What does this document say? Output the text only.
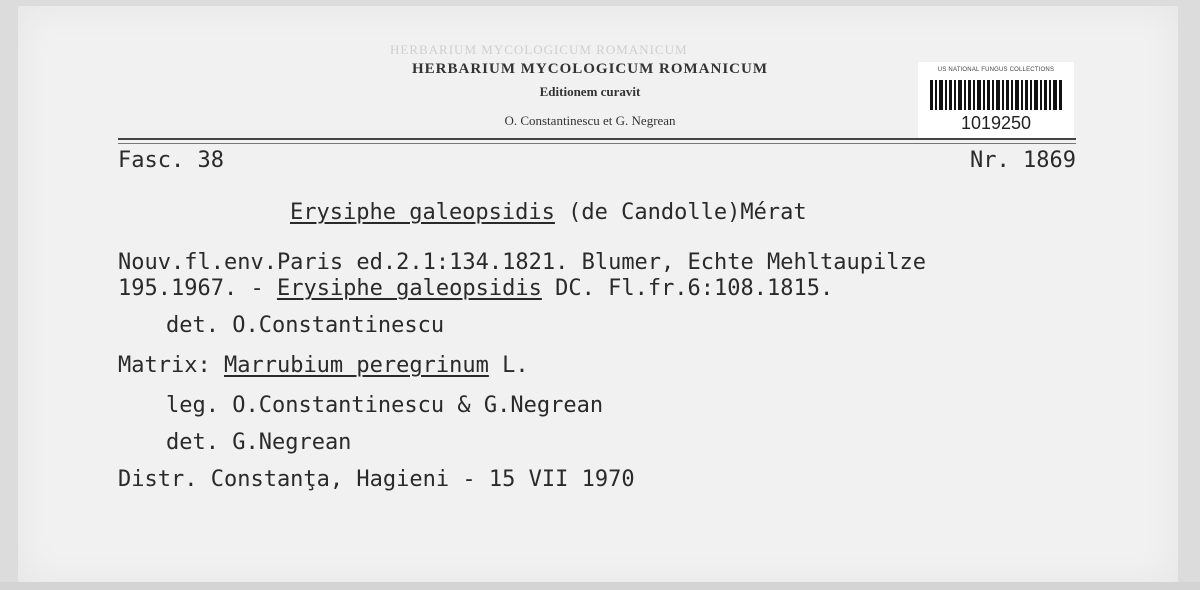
HERBARIUM MYCOLOGICUM ROMANICUM
HERBARIUM MYCOLOGICUM ROMANICUM
Editionem curavit
O. Constantinescu et G. Negrean
US NATIONAL FUNGUS COLLECTIONS
1019250
Fasc. 38	Nr. 1869
Erysiphe galeopsidis (de Candolle)Mérat
Nouv.fl.env.Paris ed.2.1:134.1821. Blumer, Echte Mehltaupilze
195.1967. - Erysiphe galeopsidis DC. Fl.fr.6:108.1815.
det. O.Constantinescu
Matrix: Marrubium peregrinum L.
leg. O.Constantinescu & G.Negrean
det. G.Negrean
Distr. Constanţa, Hagieni - 15 VII 1970
